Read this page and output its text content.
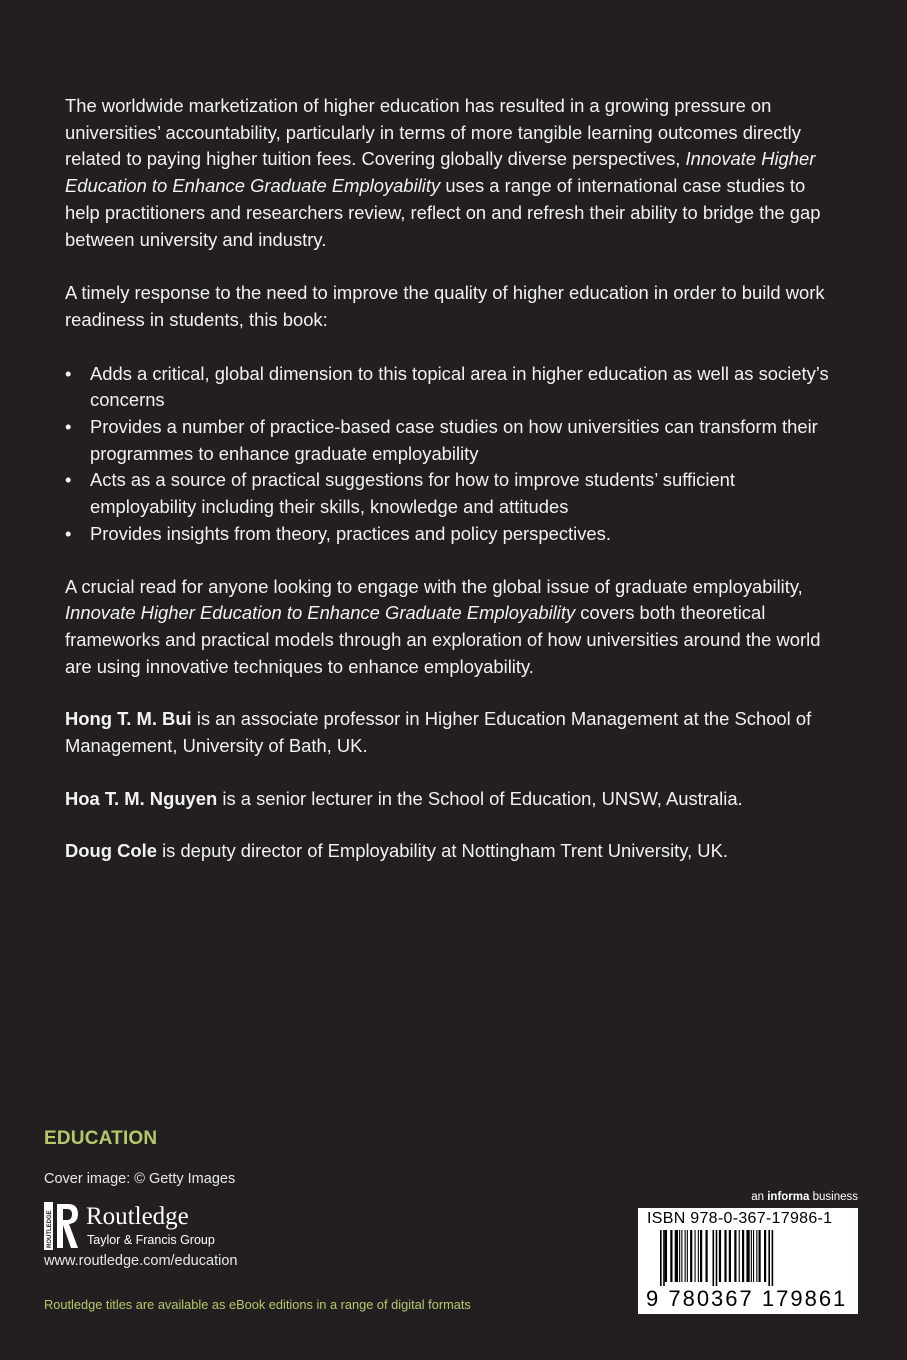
The worldwide marketization of higher education has resulted in a growing pressure on universities’ accountability, particularly in terms of more tangible learning outcomes directly related to paying higher tuition fees. Covering globally diverse perspectives, Innovate Higher Education to Enhance Graduate Employability uses a range of international case studies to help practitioners and researchers review, reflect on and refresh their ability to bridge the gap between university and industry.

A timely response to the need to improve the quality of higher education in order to build work readiness in students, this book:

• Adds a critical, global dimension to this topical area in higher education as well as society’s concerns
• Provides a number of practice-based case studies on how universities can transform their programmes to enhance graduate employability
• Acts as a source of practical suggestions for how to improve students’ sufficient employability including their skills, knowledge and attitudes
• Provides insights from theory, practices and policy perspectives.

A crucial read for anyone looking to engage with the global issue of graduate employability, Innovate Higher Education to Enhance Graduate Employability covers both theoretical frameworks and practical models through an exploration of how universities around the world are using innovative techniques to enhance employability.

Hong T. M. Bui is an associate professor in Higher Education Management at the School of Management, University of Bath, UK.

Hoa T. M. Nguyen is a senior lecturer in the School of Education, UNSW, Australia.

Doug Cole is deputy director of Employability at Nottingham Trent University, UK.

EDUCATION
Cover image: © Getty Images
ROUTLEDGE Routledge
Taylor & Francis Group
www.routledge.com/education
Routledge titles are available as eBook editions in a range of digital formats
an informa business
ISBN 978-0-367-17986-1
9 780367 179861
